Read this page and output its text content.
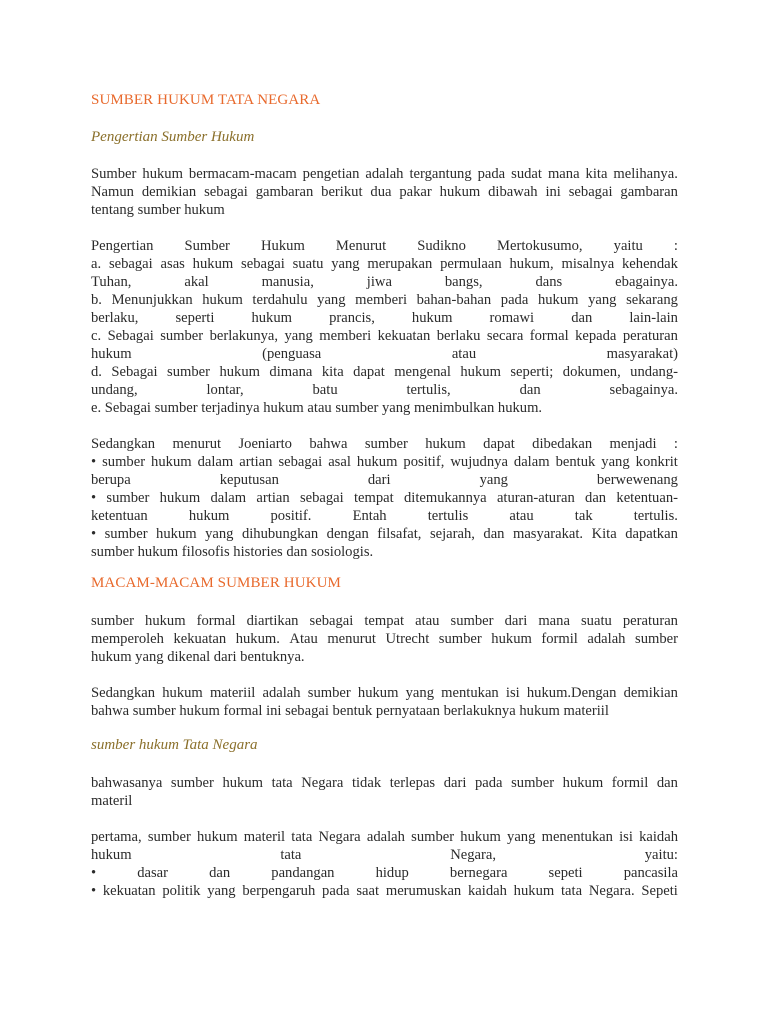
SUMBER HUKUM TATA NEGARA
Pengertian Sumber Hukum
Sumber hukum bermacam-macam pengetian adalah tergantung pada sudat mana kita melihanya.
Namun demikian sebagai gambaran berikut dua pakar hukum dibawah ini sebagai gambaran
tentang sumber hukum
Pengertian Sumber Hukum Menurut Sudikno Mertokusumo, yaitu :
a. sebagai asas hukum sebagai suatu yang merupakan permulaan hukum, misalnya kehendak
Tuhan,	akal	manusia,	jiwa	bangs,	dans	ebagainya.
b. Menunjukkan hukum terdahulu yang memberi bahan-bahan pada hukum yang sekarang
berlaku,	seperti	hukum	prancis,	hukum	romawi	dan	lain-lain
c. Sebagai sumber berlakunya, yang memberi kekuatan berlaku secara formal kepada peraturan
hukum	(penguasa	atau	masyarakat)
d. Sebagai sumber hukum dimana kita dapat mengenal hukum seperti; dokumen, undang-
undang,	lontar,	batu	tertulis,	dan	sebagainya.
e. Sebagai sumber terjadinya hukum atau sumber yang menimbulkan hukum.
Sedangkan menurut Joeniarto bahwa sumber hukum dapat dibedakan menjadi :
• sumber hukum dalam artian sebagai asal hukum positif, wujudnya dalam bentuk yang konkrit
berupa	keputusan	dari	yang	berwewenang
• sumber hukum dalam artian sebagai tempat ditemukannya aturan-aturan dan ketentuan-
ketentuan	hukum	positif.	Entah	tertulis	atau	tak	tertulis.
• sumber hukum yang dihubungkan dengan filsafat, sejarah, dan masyarakat. Kita dapatkan
sumber hukum filosofis histories dan sosiologis.
MACAM-MACAM SUMBER HUKUM
sumber hukum formal diartikan sebagai tempat atau sumber dari mana suatu peraturan
memperoleh kekuatan hukum. Atau menurut Utrecht sumber hukum formil adalah sumber
hukum yang dikenal dari bentuknya.
Sedangkan hukum materiil adalah sumber hukum yang mentukan isi hukum.Dengan demikian
bahwa sumber hukum formal ini sebagai bentuk pernyataan berlakuknya hukum materiil
sumber hukum Tata Negara
bahwasanya sumber hukum tata Negara tidak terlepas dari pada sumber hukum formil dan
materil
pertama, sumber hukum materil tata Negara adalah sumber hukum yang menentukan isi kaidah
hukum	tata	Negara,	yaitu:
•	dasar	dan	pandangan	hidup	bernegara	sepeti	pancasila
• kekuatan politik yang berpengaruh pada saat merumuskan kaidah hukum tata Negara. Sepeti
